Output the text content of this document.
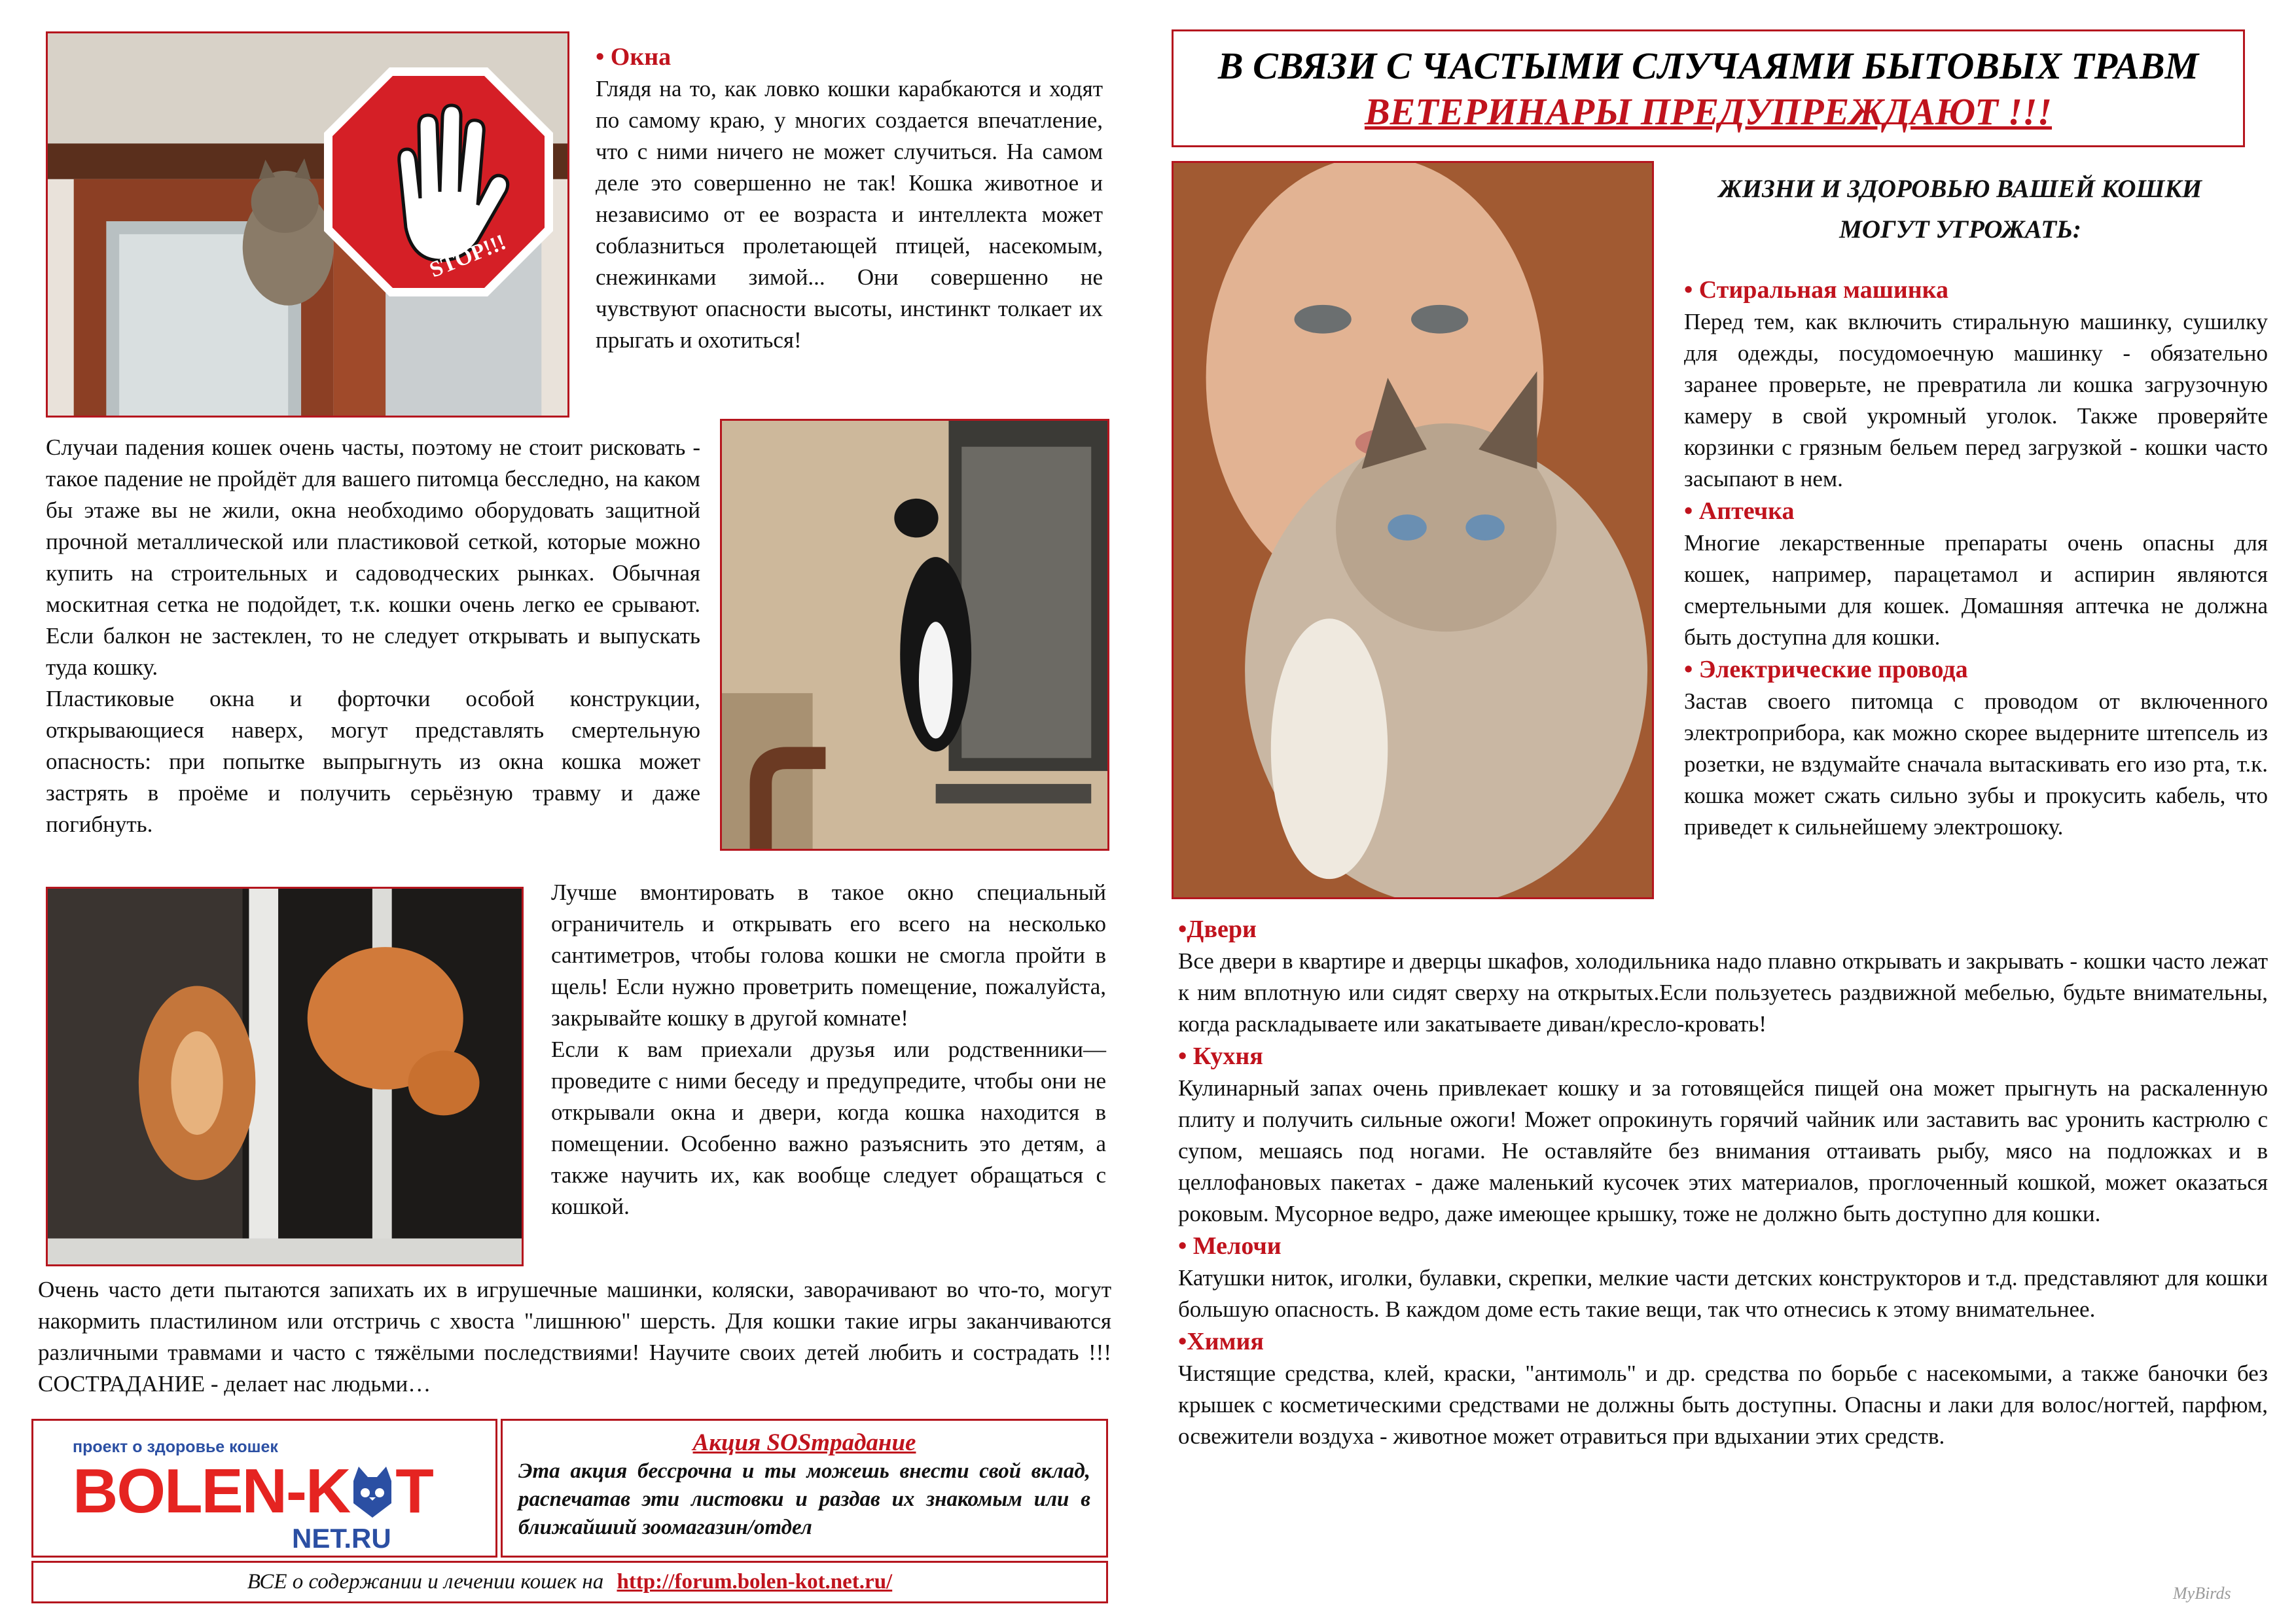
STOP!!!

• Окна

Глядя на то, как ловко кошки карабкаются и ходят по самому краю, у многих создается впечатление, что с ними ничего не может случиться. На самом деле это совершенно не так! Кошка животное и независимо от ее возраста и интеллекта может соблазниться пролетающей птицей, насекомым, снежинками зимой... Они совершенно не чувствуют опасности высоты, инстинкт толкает их прыгать и охотиться!

Случаи падения кошек очень часты, поэтому не стоит рисковать - такое падение не пройдёт для вашего питомца бесследно, на каком бы этаже вы не жили, окна необходимо оборудовать защитной прочной металлической или пластиковой сеткой, которые можно купить на строительных и садоводческих рынках. Обычная москитная сетка не подойдет, т.к. кошки очень легко ее срывают. Если балкон не застеклен, то не следует открывать и выпускать туда кошку.

Пластиковые окна и форточки особой конструкции, открывающиеся наверх, могут представлять смертельную опасность: при попытке выпрыгнуть из окна кошка может застрять в проёме и получить серьёзную травму и даже погибнуть.

Лучше вмонтировать в такое окно специальный ограничитель и открывать его всего на несколько сантиметров, чтобы голова кошки не смогла пройти в щель! Если нужно проветрить помещение, пожалуйста, закрывайте кошку в другой комнате!

Если к вам приехали друзья или родственники—проведите с ними беседу и предупредите, чтобы они не открывали окна и двери, когда кошка находится в помещении. Особенно важно разъяснить это детям, а также научить их, как вообще следует обращаться с кошкой.

Очень часто дети пытаются запихать их в игрушечные машинки, коляски, заворачивают во что-то, могут накормить пластилином или отстричь с хвоста "лишнюю" шерсть. Для кошки такие игры заканчиваются различными травмами и часто с тяжёлыми последствиями! Научите своих детей любить и сострадать !!! СОСТРАДАНИЕ - делает нас людьми…

проект о здоровье кошек
BOLEN-K T
NET.RU
Акция SOSтрадание
Эта акция бессрочна и ты можешь внести свой вклад, распечатав эти листовки и раздав их знакомым или в ближайший зоомагазин/отдел
ВСЕ о содержании и лечении кошек на http://forum.bolen-kot.net.ru/
В СВЯЗИ С ЧАСТЫМИ СЛУЧАЯМИ БЫТОВЫХ ТРАВМ
ВЕТЕРИНАРЫ ПРЕДУПРЕЖДАЮТ !!!
ЖИЗНИ И ЗДОРОВЬЮ ВАШЕЙ КОШКИ
МОГУТ УГРОЖАТЬ:

• Стиральная машинка

Перед тем, как включить стиральную машинку, сушилку для одежды, посудомоечную машинку - обязательно заранее проверьте, не превратила ли кошка загрузочную камеру в свой укромный уголок. Также проверяйте корзинки с грязным бельем перед загрузкой - кошки часто засыпают в нем.

• Аптечка

Многие лекарственные препараты очень опасны для кошек, например, парацетамол и аспирин являются смертельными для кошек. Домашняя аптечка не должна быть доступна для кошки.

• Электрические провода

Застав своего питомца с проводом от включенного электроприбора, как можно скорее выдерните штепсель из розетки, не вздумайте сначала вытаскивать его изо рта, т.к. кошка может сжать сильно зубы и прокусить кабель, что приведет к сильнейшему электрошоку.

•Двери

Все двери в квартире и дверцы шкафов, холодильника надо плавно открывать и закрывать - кошки часто лежат к ним вплотную или сидят сверху на открытых.Если пользуетесь раздвижной мебелью, будьте внимательны, когда раскладываете или закатываете диван/кресло-кровать!

• Кухня

Кулинарный запах очень привлекает кошку и за готовящейся пищей она может прыгнуть на раскаленную плиту и получить сильные ожоги! Может опрокинуть горячий чайник или заставить вас уронить кастрюлю с супом, мешаясь под ногами. Не оставляйте без внимания оттаивать рыбу, мясо на подложках и в целлофановых пакетах - даже маленький кусочек этих материалов, проглоченный кошкой, может оказаться роковым. Мусорное ведро, даже имеющее крышку, тоже не должно быть доступно для кошки.

• Мелочи

Катушки ниток, иголки, булавки, скрепки, мелкие части детских конструкторов и т.д. представляют для кошки большую опасность. В каждом доме есть такие вещи, так что отнесись к этому внимательнее.

•Химия

Чистящие средства, клей, краски, "антимоль" и др. средства по борьбе с насекомыми, а также баночки без крышек с косметическими средствами не должны быть доступны. Опасны и лаки для волос/ногтей, парфюм, освежители воздуха - животное может отравиться при вдыхании этих средств.

MyBirds
